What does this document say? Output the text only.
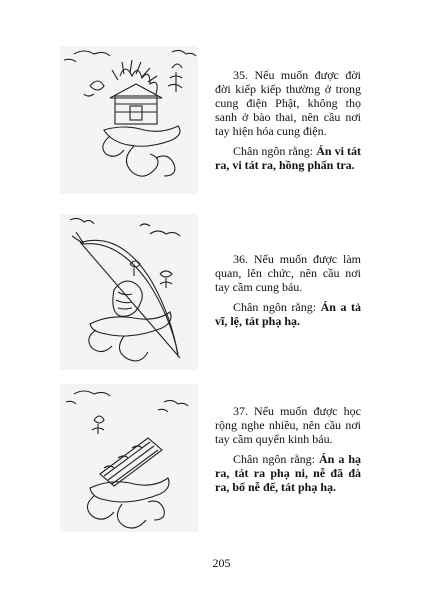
35. Nếu muốn được đời đời kiếp kiếp thường ở trong cung điện Phật, không thọ sanh ở bào thai, nên cầu nơi tay hiện hóa cung điện.

Chân ngôn rằng: Án vi tát ra, vi tát ra, hồng phấn tra.

36. Nếu muốn được làm quan, lên chức, nên cầu nơi tay cầm cung báu.

Chân ngôn rằng: Án a tả vĩ, lệ, tát phạ hạ.

37. Nếu muốn được học rộng nghe nhiều, nên cầu nơi tay cầm quyển kinh báu.

Chân ngôn rằng: Án a hạ ra, tát ra phạ ni, nễ đã đà ra, bố nễ đế, tát phạ hạ.

205
